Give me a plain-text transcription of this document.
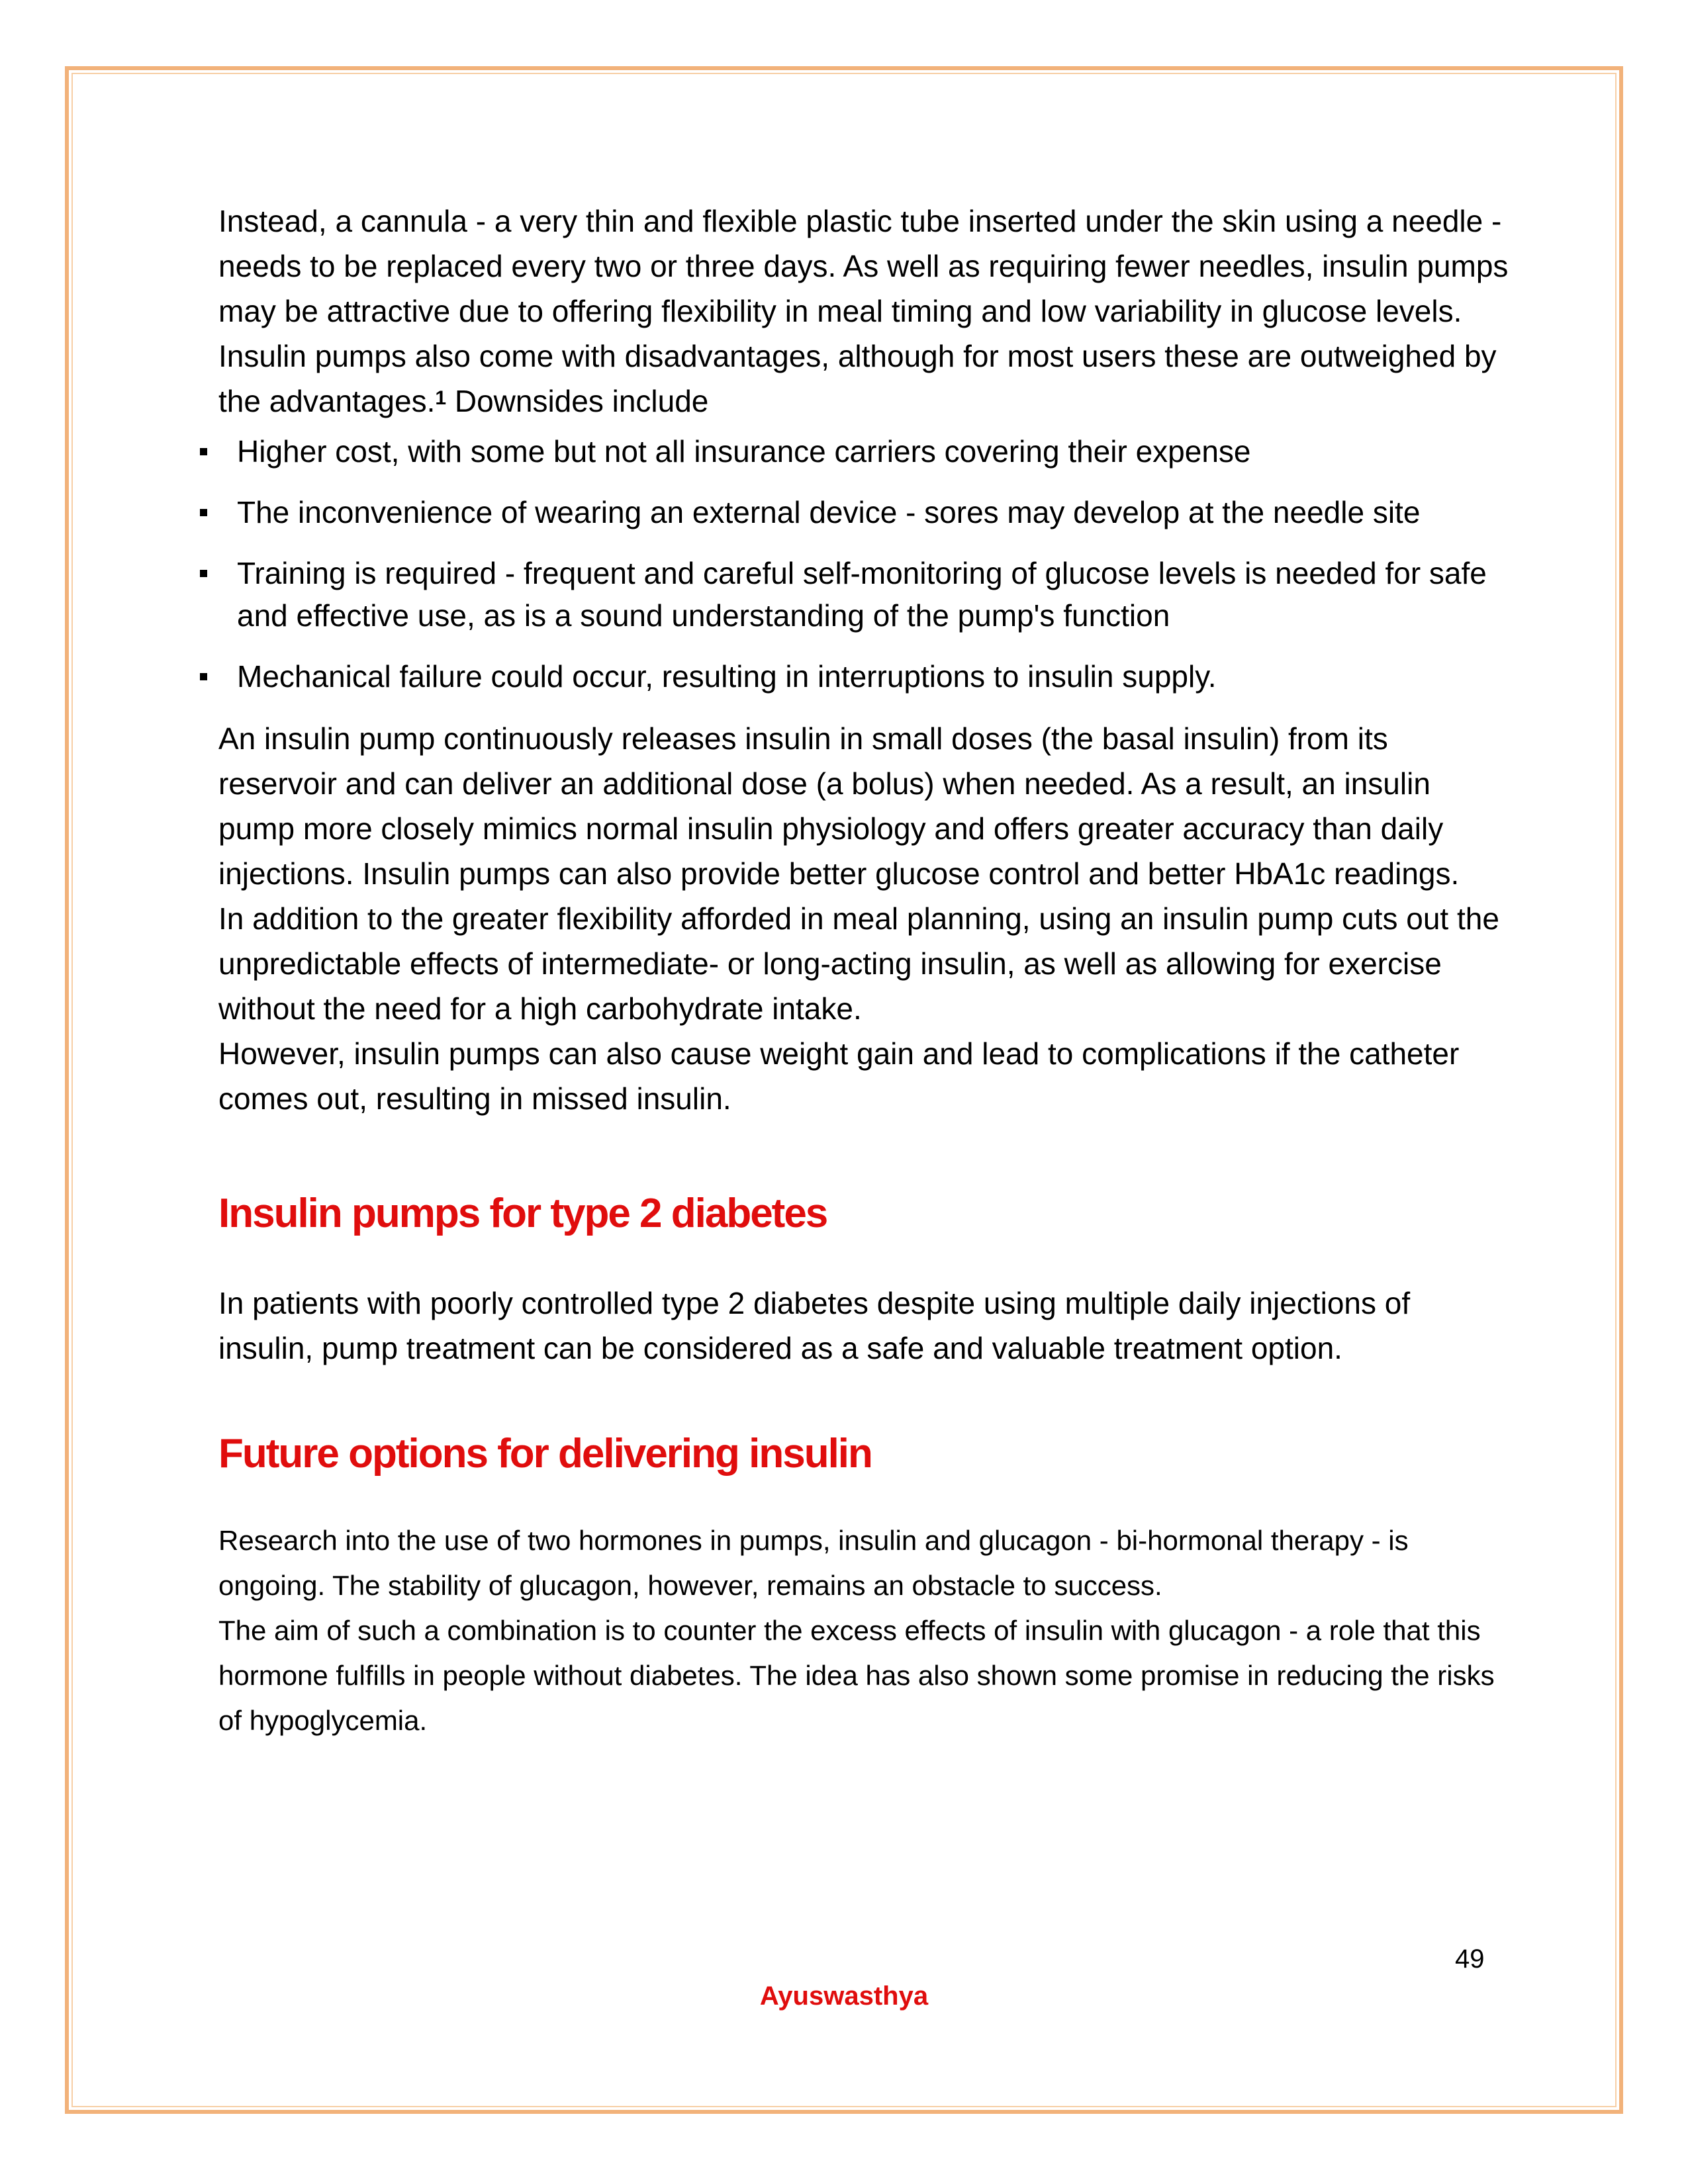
Instead, a cannula - a very thin and flexible plastic tube inserted under the skin using a needle - needs to be replaced every two or three days. As well as requiring fewer needles, insulin pumps may be attractive due to offering flexibility in meal timing and low variability in glucose levels.

Insulin pumps also come with disadvantages, although for most users these are outweighed by the advantages.$^1$ Downsides include

Higher cost, with some but not all insurance carriers covering their expense
The inconvenience of wearing an external device - sores may develop at the needle site
Training is required - frequent and careful self-monitoring of glucose levels is needed for safe and effective use, as is a sound understanding of the pump's function
Mechanical failure could occur, resulting in interruptions to insulin supply.

An insulin pump continuously releases insulin in small doses (the basal insulin) from its reservoir and can deliver an additional dose (a bolus) when needed. As a result, an insulin pump more closely mimics normal insulin physiology and offers greater accuracy than daily injections. Insulin pumps can also provide better glucose control and better HbA1c readings.

In addition to the greater flexibility afforded in meal planning, using an insulin pump cuts out the unpredictable effects of intermediate- or long-acting insulin, as well as allowing for exercise without the need for a high carbohydrate intake.

However, insulin pumps can also cause weight gain and lead to complications if the catheter comes out, resulting in missed insulin.

Insulin pumps for type 2 diabetes

In patients with poorly controlled type 2 diabetes despite using multiple daily injections of insulin, pump treatment can be considered as a safe and valuable treatment option.

Future options for delivering insulin

Research into the use of two hormones in pumps, insulin and glucagon - bi-hormonal therapy - is ongoing. The stability of glucagon, however, remains an obstacle to success.

The aim of such a combination is to counter the excess effects of insulin with glucagon - a role that this hormone fulfills in people without diabetes. The idea has also shown some promise in reducing the risks of hypoglycemia.

49
Ayuswasthya
